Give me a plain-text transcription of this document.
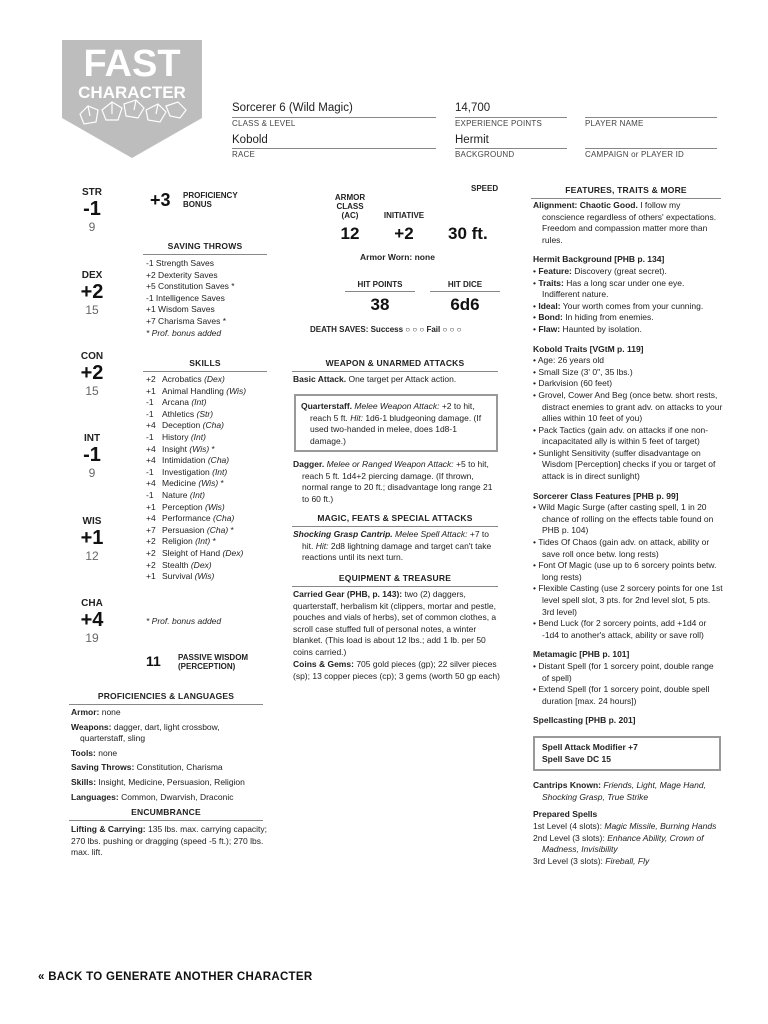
FAST
CHARACTER
Sorcerer 6 (Wild Magic)
CLASS & LEVEL
14,700
EXPERIENCE POINTS	PLAYER NAME
Kobold
RACE
Hermit
BACKGROUND	CAMPAIGN or PLAYER ID
STR
-1
9
DEX
+2
15
CON
+2
15
INT
-1
9
WIS
+1
12
CHA
+4
19
+3 PROFICIENCY
BONUS
SAVING THROWS
-1 Strength Saves
+2 Dexterity Saves
+5 Constitution Saves *
-1 Intelligence Saves
+1 Wisdom Saves
+7 Charisma Saves *
* Prof. bonus added
SKILLS
+2 Acrobatics (Dex)
+1 Animal Handling (Wis)
-1 Arcana (Int)
-1 Athletics (Str)
+4 Deception (Cha)
-1 History (Int)
+4 Insight (Wis) *
+4 Intimidation (Cha)
-1 Investigation (Int)
+4 Medicine (Wis) *
-1 Nature (Int)
+1 Perception (Wis)
+4 Performance (Cha)
+7 Persuasion (Cha) *
+2 Religion (Int) *
+2 Sleight of Hand (Dex)
+2 Stealth (Dex)
+1 Survival (Wis)
* Prof. bonus added
11 PASSIVE WISDOM
(PERCEPTION)
PROFICIENCIES & LANGUAGES
Armor: none
Weapons: dagger, dart, light crossbow, quarterstaff, sling
Tools: none
Saving Throws: Constitution, Charisma
Skills: Insight, Medicine, Persuasion, Religion
Languages: Common, Dwarvish, Draconic
ENCUMBRANCE
Lifting & Carrying: 135 lbs. max. carrying capacity; 270 lbs. pushing or dragging (speed -5 ft.); 270 lbs. max. lift.
ARMOR
CLASS
(AC)
12
INITIATIVE
+2
SPEED
30 ft.
Armor Worn: none
HIT POINTS
38
HIT DICE
6d6
DEATH SAVES: Success ○ ○ ○ Fail ○ ○ ○
WEAPON & UNARMED ATTACKS
Basic Attack. One target per Attack action.
Quarterstaff. Melee Weapon Attack: +2 to hit, reach 5 ft. Hit: 1d6-1 bludgeoning damage. (If used two-handed in melee, does 1d8-1 damage.)
Dagger. Melee or Ranged Weapon Attack: +5 to hit, reach 5 ft. 1d4+2 piercing damage. (If thrown, normal range to 20 ft.; disadvantage long range 21 to 60 ft.)
MAGIC, FEATS & SPECIAL ATTACKS
Shocking Grasp Cantrip. Melee Spell Attack: +7 to hit. Hit: 2d8 lightning damage and target can't take reactions until its next turn.
EQUIPMENT & TREASURE
Carried Gear (PHB, p. 143): two (2) daggers, quarterstaff, herbalism kit (clippers, mortar and pestle, pouches and vials of herbs), set of common clothes, a scroll case stuffed full of personal notes, a winter blanket. (This load is about 12 lbs.; add 1 lb. per 50 coins carried.)
Coins & Gems: 705 gold pieces (gp); 22 silver pieces (sp); 13 copper pieces (cp); 3 gems (worth 50 gp each)
FEATURES, TRAITS & MORE
Alignment: Chaotic Good. I follow my conscience regardless of others' expectations. Freedom and compassion matter more than rules.
Hermit Background [PHB p. 134]
• Feature: Discovery (great secret).
• Traits: Has a long scar under one eye. Indifferent nature.
• Ideal: Your worth comes from your cunning.
• Bond: In hiding from enemies.
• Flaw: Haunted by isolation.
Kobold Traits [VGtM p. 119]
• Age: 26 years old
• Small Size (3' 0", 35 lbs.)
• Darkvision (60 feet)
• Grovel, Cower And Beg (once betw. short rests, distract enemies to grant adv. on attacks to your allies within 10 feet of you)
• Pack Tactics (gain adv. on attacks if one non-incapacitated ally is within 5 feet of target)
• Sunlight Sensitivity (suffer disadvantage on Wisdom [Perception] checks if you or target of attack is in direct sunlight)
Sorcerer Class Features [PHB p. 99]
• Wild Magic Surge (after casting spell, 1 in 20 chance of rolling on the effects table found on PHB p. 104)
• Tides Of Chaos (gain adv. on attack, ability or save roll once betw. long rests)
• Font Of Magic (use up to 6 sorcery points betw. long rests)
• Flexible Casting (use 2 sorcery points for one 1st level spell slot, 3 pts. for 2nd level slot, 5 pts. 3rd level)
• Bend Luck (for 2 sorcery points, add +1d4 or -1d4 to another's attack, ability or save roll)
Metamagic [PHB p. 101]
• Distant Spell (for 1 sorcery point, double range of spell)
• Extend Spell (for 1 sorcery point, double spell duration [max. 24 hours])
Spellcasting [PHB p. 201]
Spell Attack Modifier +7
Spell Save DC 15
Cantrips Known: Friends, Light, Mage Hand, Shocking Grasp, True Strike
Prepared Spells
1st Level (4 slots): Magic Missile, Burning Hands
2nd Level (3 slots): Enhance Ability, Crown of Madness, Invisibility
3rd Level (3 slots): Fireball, Fly
« BACK TO GENERATE ANOTHER CHARACTER
